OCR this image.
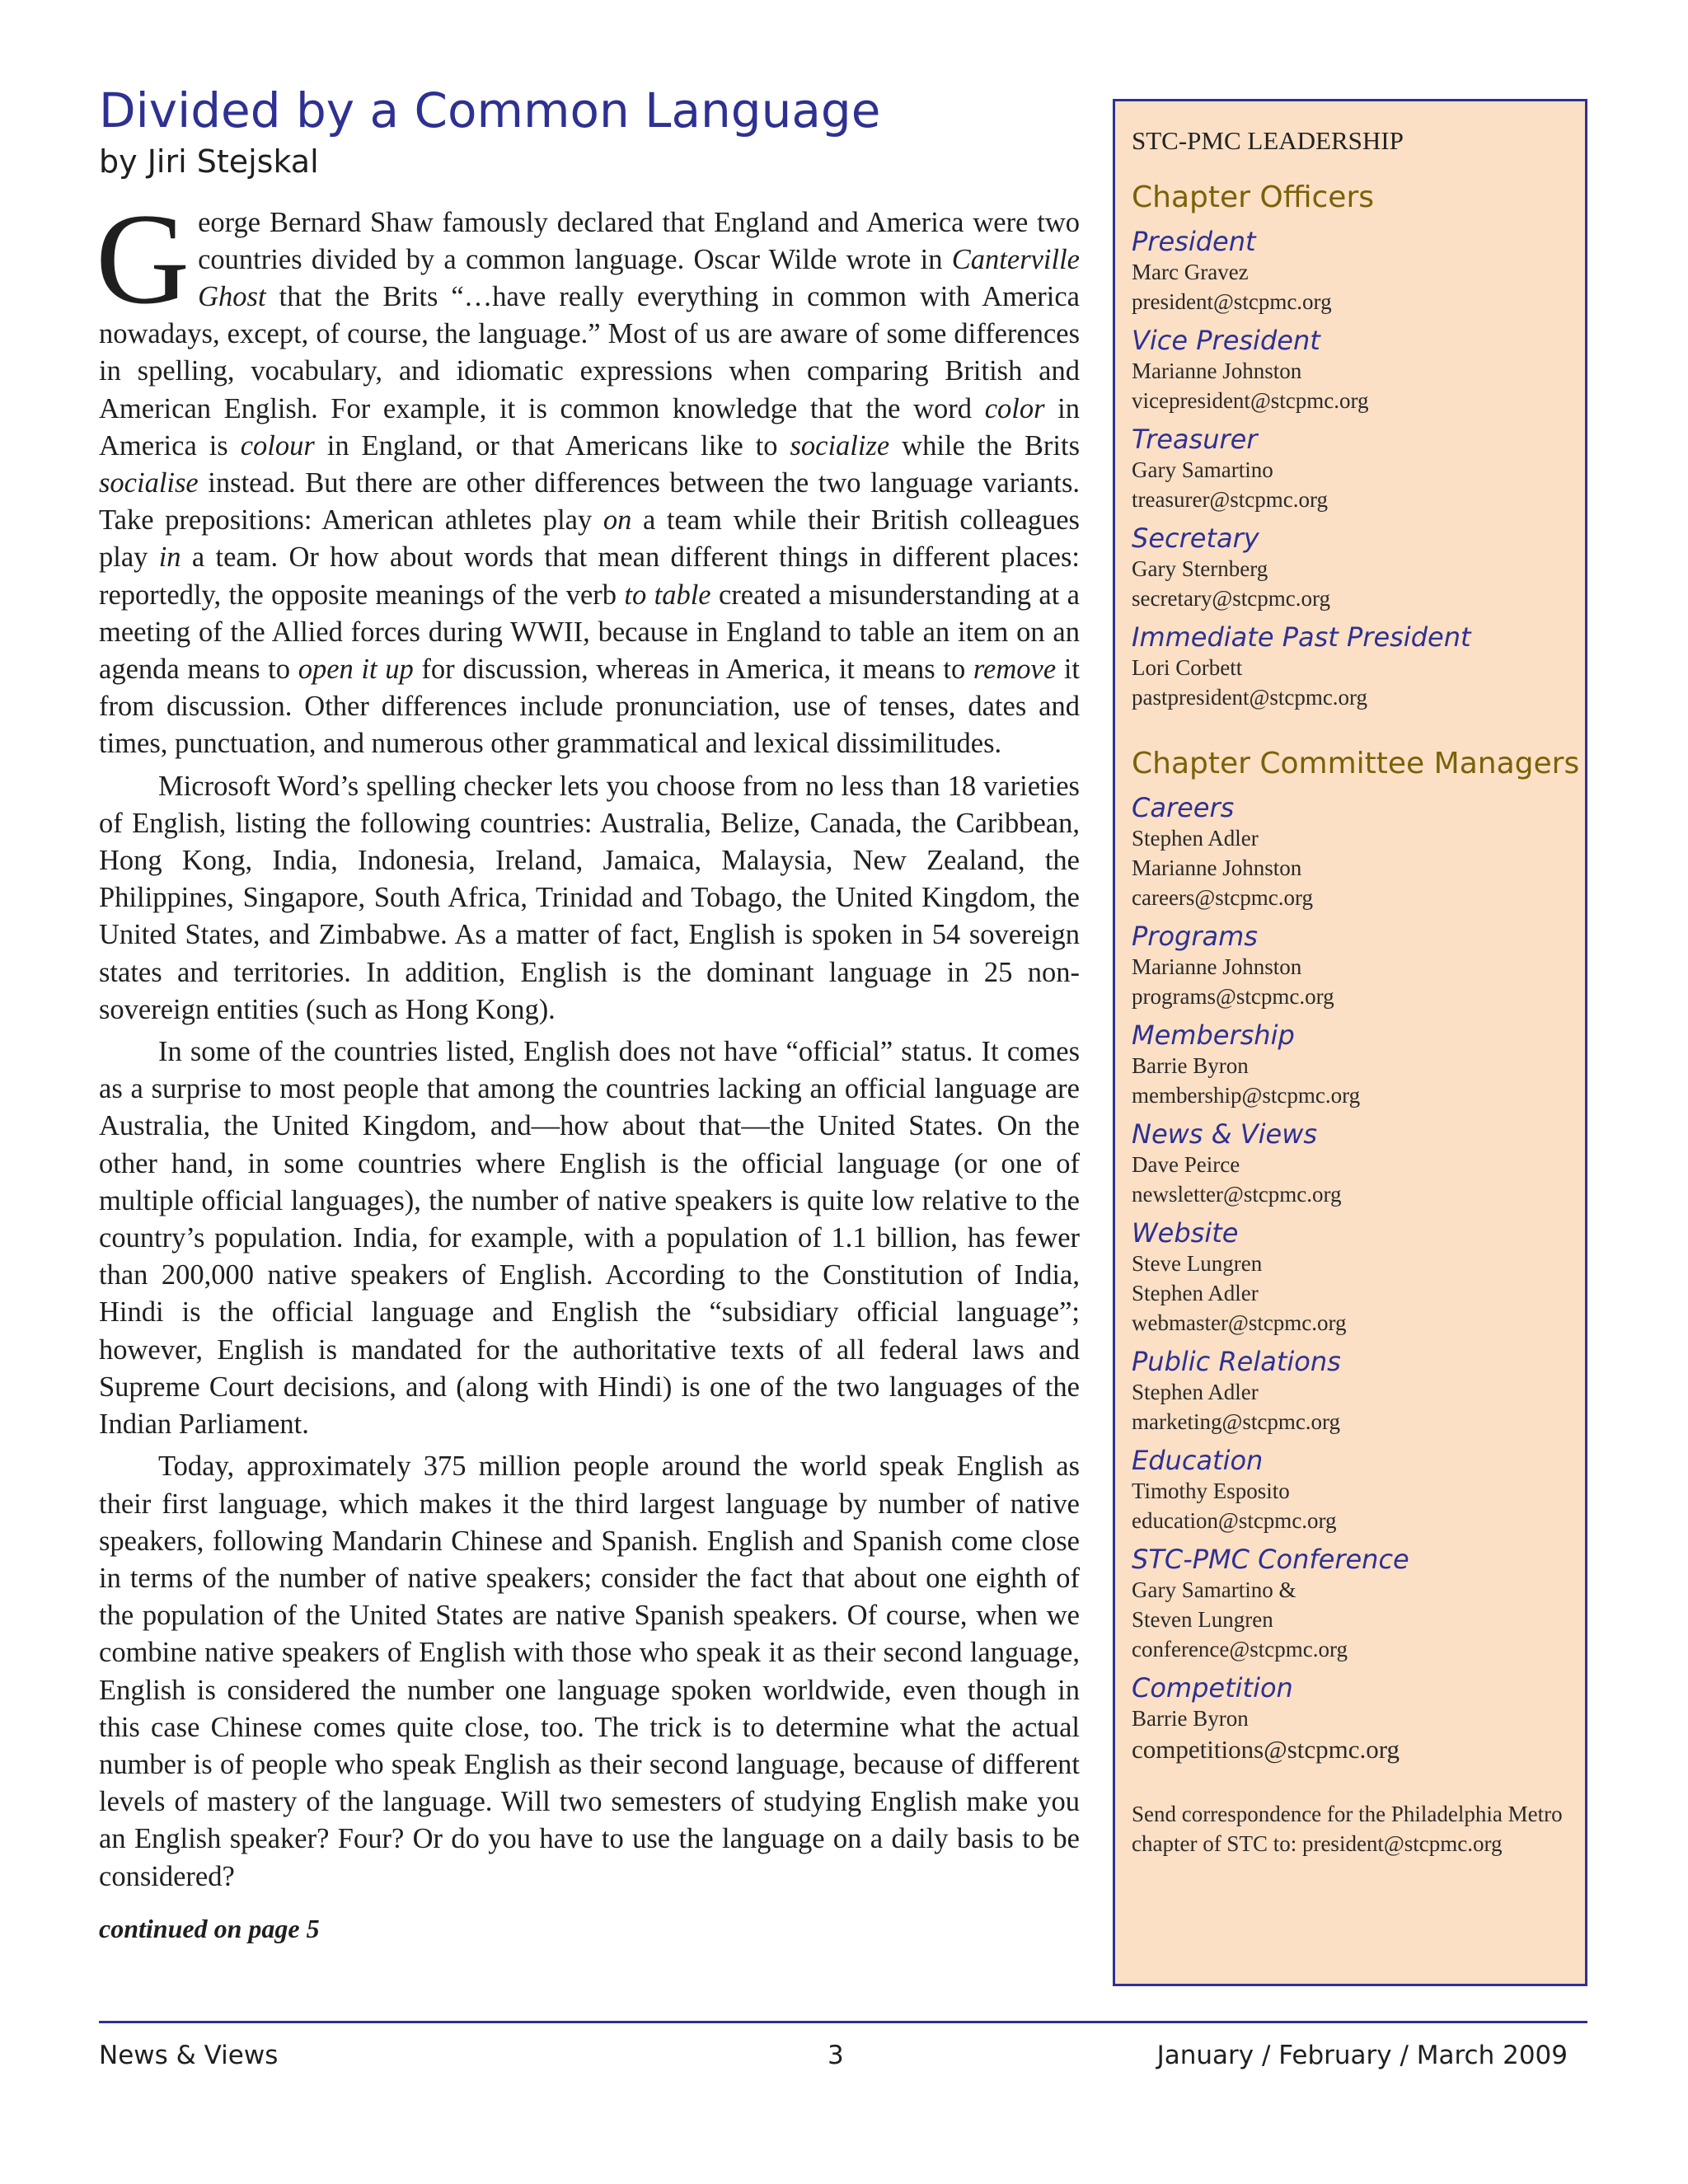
Divided by a Common Language
by Jiri Stejskal

George Bernard Shaw famously declared that England and America were two countries divided by a common language. Oscar Wilde wrote in Canterville Ghost that the Brits “…have really everything in common with America nowadays, except, of course, the language.” Most of us are aware of some differences in spelling, vocabulary, and idiomatic expressions when comparing British and American English. For example, it is common knowledge that the word color in America is colour in England, or that Americans like to socialize while the Brits socialise instead. But there are other differences between the two language variants. Take prepositions: American athletes play on a team while their British colleagues play in a team. Or how about words that mean different things in different places: reportedly, the opposite meanings of the verb to table created a misunderstanding at a meeting of the Allied forces during WWII, because in England to table an item on an agenda means to open it up for discussion, whereas in America, it means to remove it from discussion. Other differences include pronunciation, use of tenses, dates and times, punctuation, and numerous other grammatical and lexical dissimilitudes.

Microsoft Word’s spelling checker lets you choose from no less than 18 varieties of English, listing the following countries: Australia, Belize, Canada, the Caribbean, Hong Kong, India, Indonesia, Ireland, Jamaica, Malaysia, New Zealand, the Philippines, Singapore, South Africa, Trinidad and Tobago, the United Kingdom, the United States, and Zimbabwe. As a matter of fact, English is spoken in 54 sovereign states and territories. In addition, English is the dominant language in 25 non-sovereign entities (such as Hong Kong).

In some of the countries listed, English does not have “official” status. It comes as a surprise to most people that among the countries lacking an official language are Australia, the United Kingdom, and—how about that—the United States. On the other hand, in some countries where English is the official language (or one of multiple official languages), the number of native speakers is quite low relative to the country’s population. India, for example, with a population of 1.1 billion, has fewer than 200,000 native speakers of English. According to the Constitution of India, Hindi is the official language and English the “subsidiary official language”; however, English is mandated for the authoritative texts of all federal laws and Supreme Court decisions, and (along with Hindi) is one of the two languages of the Indian Parliament.

Today, approximately 375 million people around the world speak English as their first language, which makes it the third largest language by number of native speakers, following Mandarin Chinese and Spanish. English and Spanish come close in terms of the number of native speakers; consider the fact that about one eighth of the population of the United States are native Spanish speakers. Of course, when we combine native speakers of English with those who speak it as their second language, English is considered the number one language spoken worldwide, even though in this case Chinese comes quite close, too. The trick is to determine what the actual number is of people who speak English as their second language, because of different levels of mastery of the language. Will two semesters of studying English make you an English speaker? Four? Or do you have to use the language on a daily basis to be considered?

continued on page 5
STC-PMC LEADERSHIP
Chapter Officers
President
Marc Gravez
president@stcpmc.org
Vice President
Marianne Johnston
vicepresident@stcpmc.org
Treasurer
Gary Samartino
treasurer@stcpmc.org
Secretary
Gary Sternberg
secretary@stcpmc.org
Immediate Past President
Lori Corbett
pastpresident@stcpmc.org
Chapter Committee Managers
Careers
Stephen Adler
Marianne Johnston
careers@stcpmc.org
Programs
Marianne Johnston
programs@stcpmc.org
Membership
Barrie Byron
membership@stcpmc.org
News & Views
Dave Peirce
newsletter@stcpmc.org
Website
Steve Lungren
Stephen Adler
webmaster@stcpmc.org
Public Relations
Stephen Adler
marketing@stcpmc.org
Education
Timothy Esposito
education@stcpmc.org
STC-PMC Conference
Gary Samartino &
Steven Lungren
conference@stcpmc.org
Competition
Barrie Byron
competitions@stcpmc.org
Send correspondence for the Philadelphia Metro chapter of STC to: president@stcpmc.org
News & Views	3	January / February / March 2009
